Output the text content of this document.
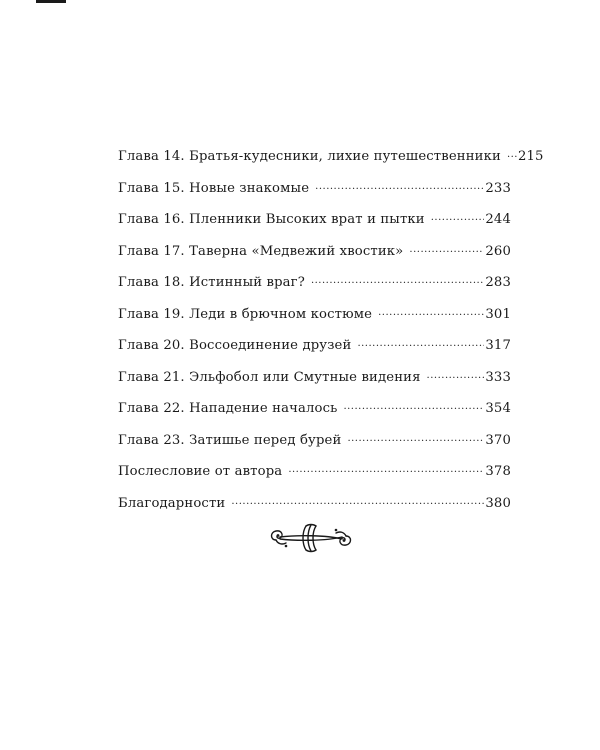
Глава 14. Братья-кудесники, лихие путешественники ..... 215
Глава 15. Новые знакомые .....	233
Глава 16. Пленники Высоких врат и пытки .....	244
Глава 17. Таверна «Медвежий хвостик» .....	260
Глава 18. Истинный враг? .....	283
Глава 19. Леди в брючном костюме .....	301
Глава 20. Воссоединение друзей .....	317
Глава 21. Эльфобол или Смутные видения .....	333
Глава 22. Нападение началось .....	354
Глава 23. Затишье перед бурей .....	370
Послесловие от автора .....	378
Благодарности .....	380
